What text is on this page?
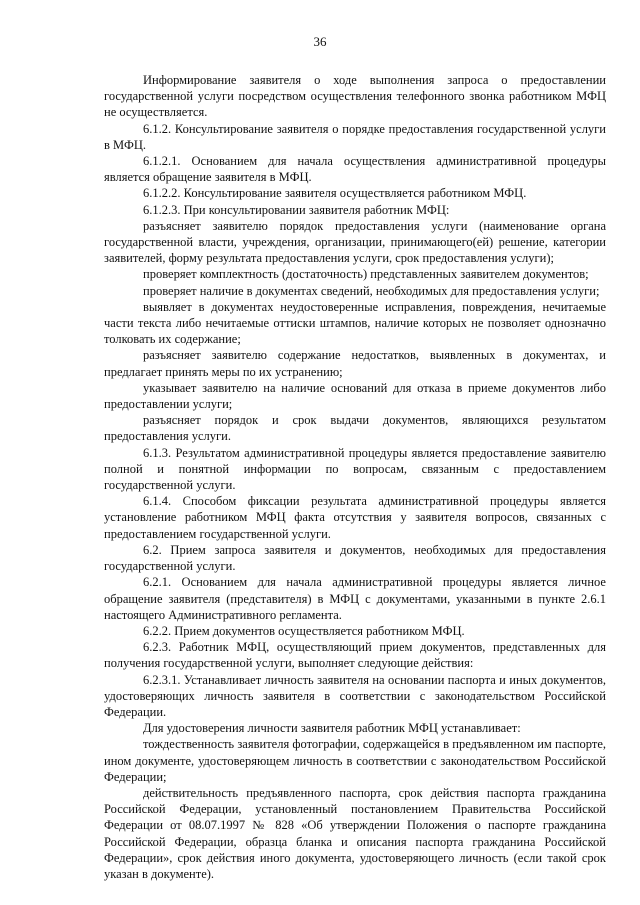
36

Информирование заявителя о ходе выполнения запроса о предоставлении государственной услуги посредством осуществления телефонного звонка работником МФЦ не осуществляется.

6.1.2. Консультирование заявителя о порядке предоставления государственной услуги в МФЦ.

6.1.2.1. Основанием для начала осуществления административной процедуры является обращение заявителя в МФЦ.

6.1.2.2. Консультирование заявителя осуществляется работником МФЦ.

6.1.2.3. При консультировании заявителя работник МФЦ:

разъясняет заявителю порядок предоставления услуги (наименование органа государственной власти, учреждения, организации, принимающего(ей) решение, категории заявителей, форму результата предоставления услуги, срок предоставления услуги);

проверяет комплектность (достаточность) представленных заявителем документов;

проверяет наличие в документах сведений, необходимых для предоставления услуги;

выявляет в документах неудостоверенные исправления, повреждения, нечитаемые части текста либо нечитаемые оттиски штампов, наличие которых не позволяет однозначно толковать их содержание;

разъясняет заявителю содержание недостатков, выявленных в документах, и предлагает принять меры по их устранению;

указывает заявителю на наличие оснований для отказа в приеме документов либо предоставлении услуги;

разъясняет порядок и срок выдачи документов, являющихся результатом предоставления услуги.

6.1.3. Результатом административной процедуры является предоставление заявителю полной и понятной информации по вопросам, связанным с предоставлением государственной услуги.

6.1.4. Способом фиксации результата административной процедуры является установление работником МФЦ факта отсутствия у заявителя вопросов, связанных с предоставлением государственной услуги.

6.2. Прием запроса заявителя и документов, необходимых для предоставления государственной услуги.

6.2.1. Основанием для начала административной процедуры является личное обращение заявителя (представителя) в МФЦ с документами, указанными в пункте 2.6.1 настоящего Административного регламента.

6.2.2. Прием документов осуществляется работником МФЦ.

6.2.3. Работник МФЦ, осуществляющий прием документов, представленных для получения государственной услуги, выполняет следующие действия:

6.2.3.1. Устанавливает личность заявителя на основании паспорта и иных документов, удостоверяющих личность заявителя в соответствии с законодательством Российской Федерации.

Для удостоверения личности заявителя работник МФЦ устанавливает:

тождественность заявителя фотографии, содержащейся в предъявленном им паспорте, ином документе, удостоверяющем личность в соответствии с законодательством Российской Федерации;

действительность предъявленного паспорта, срок действия паспорта гражданина Российской Федерации, установленный постановлением Правительства Российской Федерации от 08.07.1997 № 828 «Об утверждении Положения о паспорте гражданина Российской Федерации, образца бланка и описания паспорта гражданина Российской Федерации», срок действия иного документа, удостоверяющего личность (если такой срок указан в документе).
